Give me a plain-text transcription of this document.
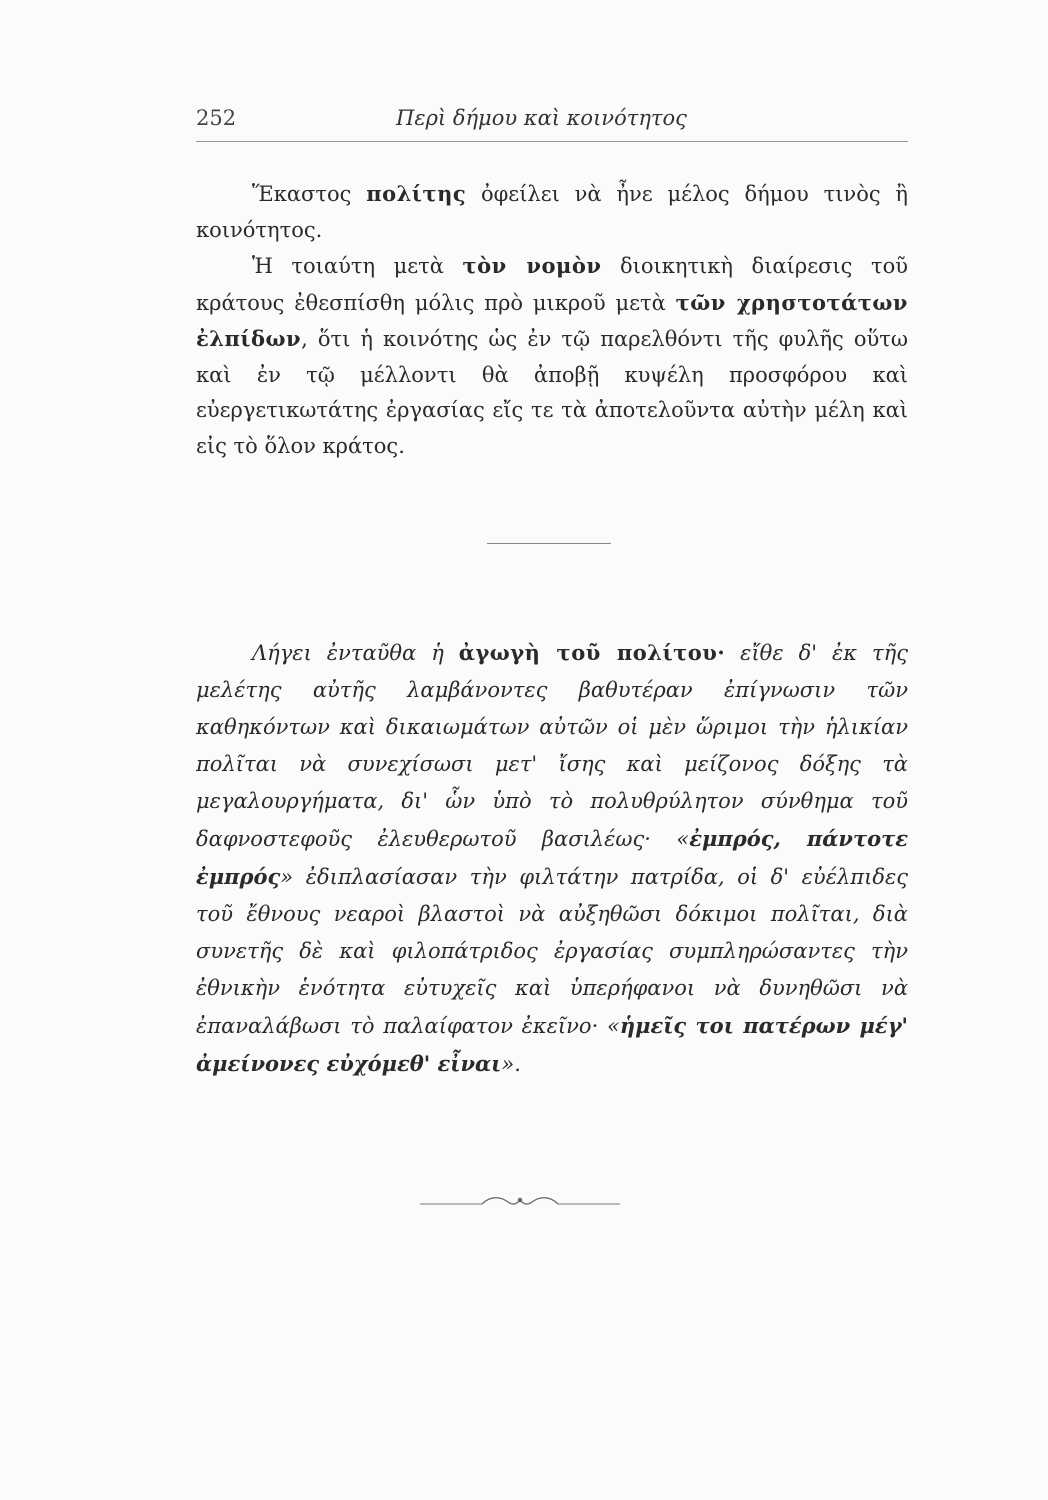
252	Περὶ δήμου καὶ κοινότητος

Ἕκαστος πολίτης ὀφείλει νὰ ἦνε μέλος δήμου τινὸς ἢ κοινότητος.

Ἡ τοιαύτη μετὰ τὸν νομὸν διοικητικὴ διαίρεσις τοῦ κράτους ἐθεσπίσθη μόλις πρὸ μικροῦ μετὰ τῶν χρηστοτάτων ἐλπίδων, ὅτι ἡ κοινότης ὡς ἐν τῷ παρελθόντι τῆς φυλῆς οὕτω καὶ ἐν τῷ μέλλοντι θὰ ἀποβῇ κυψέλη προσφόρου καὶ εὐεργετικωτάτης ἐργασίας εἴς τε τὰ ἀποτελοῦντα αὐτὴν μέλη καὶ εἰς τὸ ὅλον κράτος.

Λήγει ἐνταῦθα ἡ ἀγωγὴ τοῦ πολίτου· εἴθε δ' ἐκ τῆς μελέτης αὐτῆς λαμβάνοντες βαθυτέραν ἐπίγνωσιν τῶν καθηκόντων καὶ δικαιωμάτων αὐτῶν οἱ μὲν ὥριμοι τὴν ἡλικίαν πολῖται νὰ συνεχίσωσι μετ' ἴσης καὶ μείζονος δόξης τὰ μεγαλουργήματα, δι' ὧν ὑπὸ τὸ πολυθρύλητον σύνθημα τοῦ δαφνοστεφοῦς ἐλευθερωτοῦ βασιλέως· «ἐμπρός, πάντοτε ἐμπρός» ἐδιπλασίασαν τὴν φιλτάτην πατρίδα, οἱ δ' εὐέλπιδες τοῦ ἔθνους νεαροὶ βλαστοὶ νὰ αὐξηθῶσι δόκιμοι πολῖται, διὰ συνετῆς δὲ καὶ φιλοπάτριδος ἐργασίας συμπληρώσαντες τὴν ἐθνικὴν ἑνότητα εὐτυχεῖς καὶ ὑπερήφανοι νὰ δυνηθῶσι νὰ ἐπαναλάβωσι τὸ παλαίφατον ἐκεῖνο· «ἡμεῖς τοι πατέρων μέγ' ἀμείνονες εὐχόμεθ' εἶναι».
